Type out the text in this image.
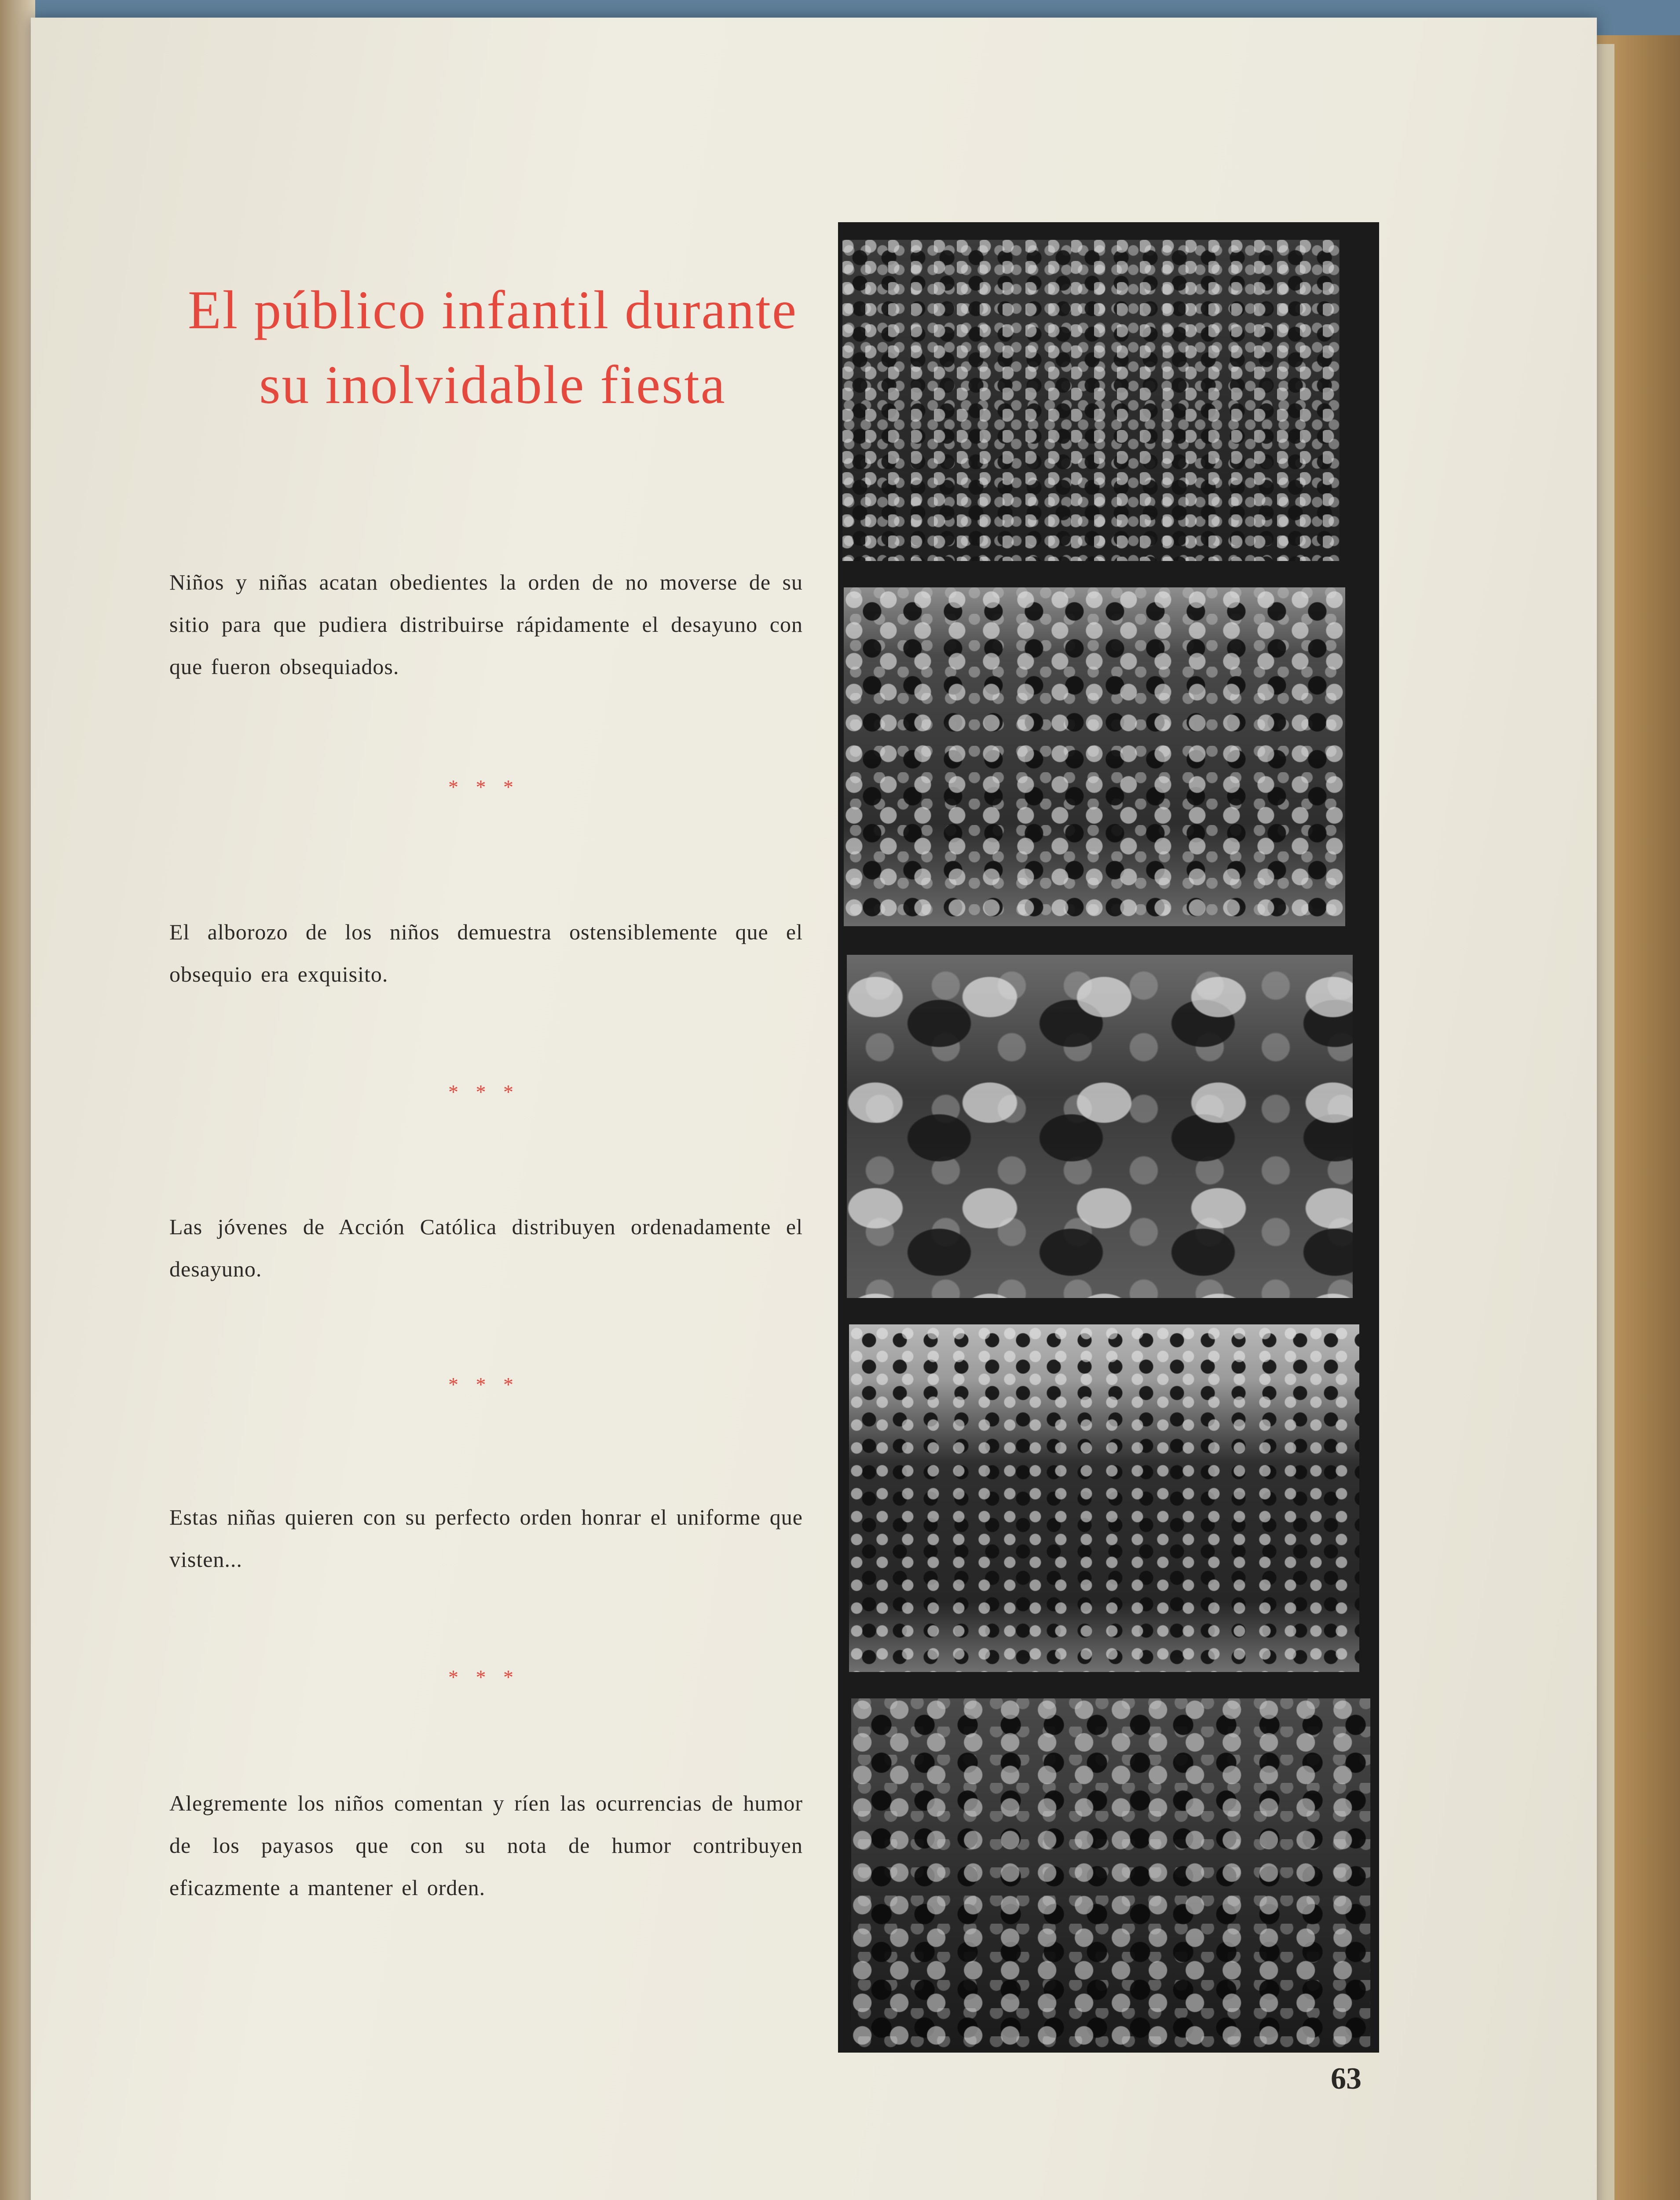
El público infantil durante
su inolvidable fiesta

Niños y niñas acatan obedientes la orden de no moverse de su sitio para que pudiera distribuirse rápidamente el desayuno con que fueron obsequiados.

* * *

El alborozo de los niños demuestra ostensiblemente que el obsequio era exquisito.

* * *

Las jóvenes de Acción Católica distribuyen ordenadamente el desayuno.

* * *

Estas niñas quieren con su perfecto orden honrar el uniforme que visten...

* * *

Alegremente los niños comentan y ríen las ocurrencias de humor de los payasos que con su nota de humor contribuyen eficazmente a mantener el orden.

63
